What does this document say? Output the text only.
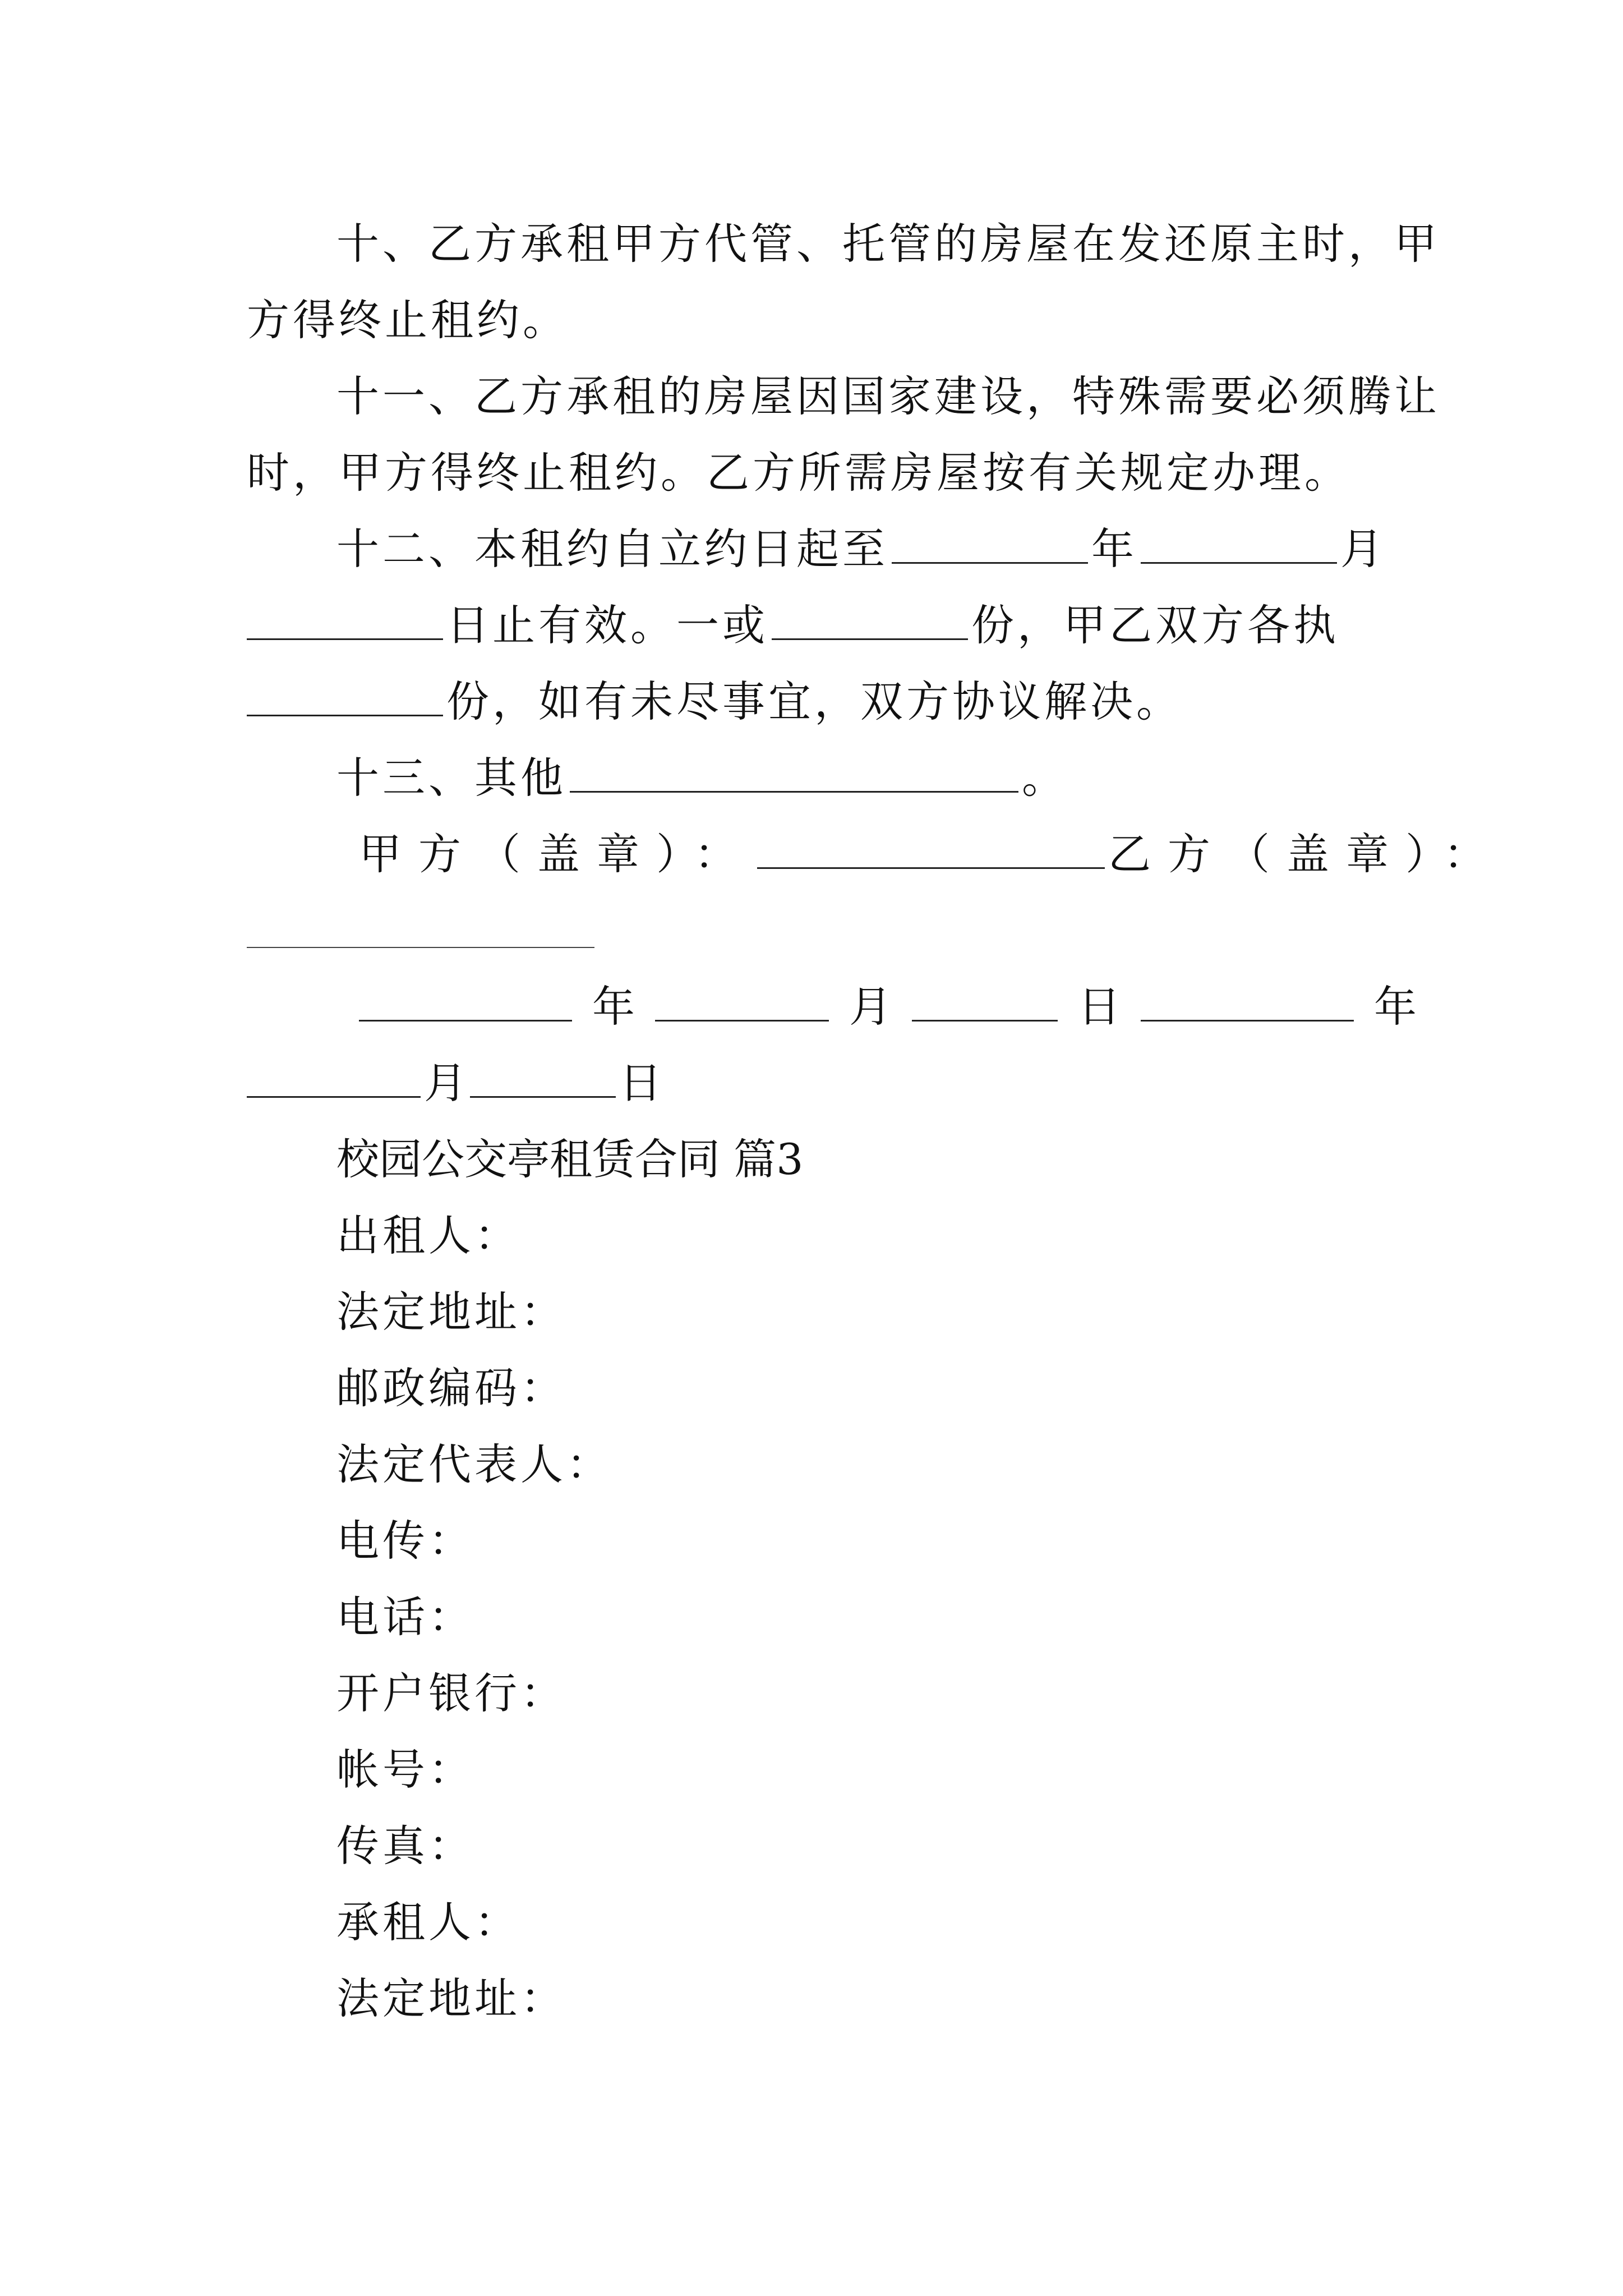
十、乙方承租甲方代管、托管的房屋在发还原主时，甲
方得终止租约。
十一、乙方承租的房屋因国家建设，特殊需要必须腾让
时，甲方得终止租约。乙方所需房屋按有关规定办理。
十二、本租约自立约日起至	年	月
日止有效。一或	份，甲乙双方各执
份，如有未尽事宜，双方协议解决。
十三、其他	。
甲方（盖章）：	乙方（盖章）：
年	月	日	年
月	日
校园公交亭租赁合同 篇3
出租人：
法定地址：
邮政编码：
法定代表人：
电传：
电话：
开户银行：
帐号：
传真：
承租人：
法定地址：
